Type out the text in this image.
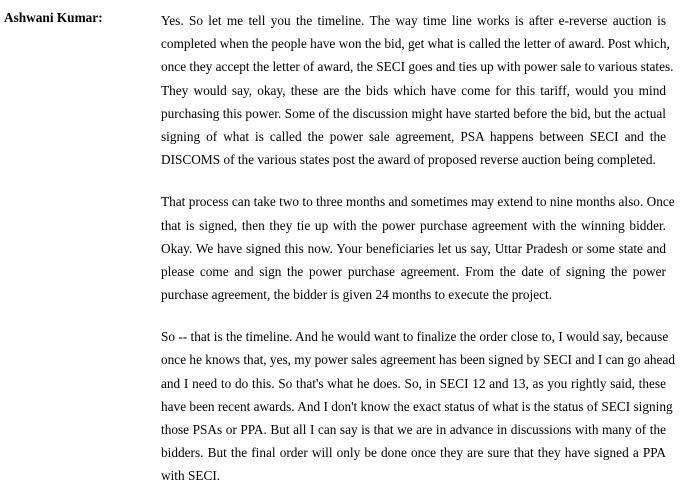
Ashwani Kumar:	Yes. So let me tell you the timeline. The way time line works is after e-reverse auction is
completed when the people have won the bid, get what is called the letter of award. Post which,
once they accept the letter of award, the SECI goes and ties up with power sale to various states.
They would say, okay, these are the bids which have come for this tariff, would you mind
purchasing this power. Some of the discussion might have started before the bid, but the actual
signing of what is called the power sale agreement, PSA happens between SECI and the
DISCOMS of the various states post the award of proposed reverse auction being completed.

That process can take two to three months and sometimes may extend to nine months also. Once
that is signed, then they tie up with the power purchase agreement with the winning bidder.
Okay. We have signed this now. Your beneficiaries let us say, Uttar Pradesh or some state and
please come and sign the power purchase agreement. From the date of signing the power
purchase agreement, the bidder is given 24 months to execute the project.

So -- that is the timeline. And he would want to finalize the order close to, I would say, because
once he knows that, yes, my power sales agreement has been signed by SECI and I can go ahead
and I need to do this. So that's what he does. So, in SECI 12 and 13, as you rightly said, these
have been recent awards. And I don't know the exact status of what is the status of SECI signing
those PSAs or PPA. But all I can say is that we are in advance in discussions with many of the
bidders. But the final order will only be done once they are sure that they have signed a PPA
with SECI.
